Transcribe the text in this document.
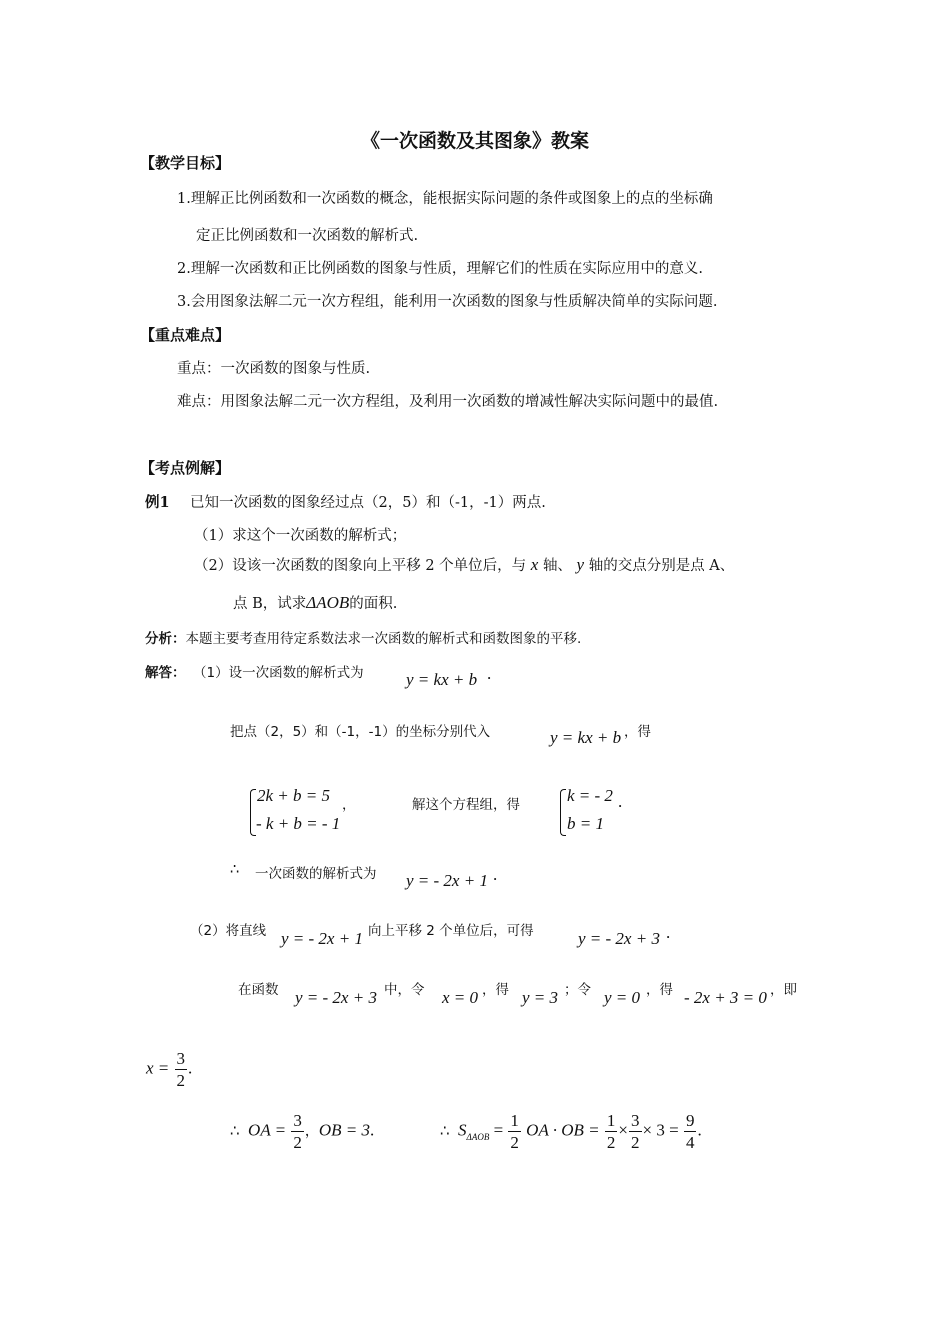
《一次函数及其图象》教案
【教学目标】
1.理解正比例函数和一次函数的概念，能根据实际问题的条件或图象上的点的坐标确
定正比例函数和一次函数的解析式.
2.理解一次函数和正比例函数的图象与性质，理解它们的性质在实际应用中的意义.
3.会用图象法解二元一次方程组，能利用一次函数的图象与性质解决简单的实际问题.
【重点难点】
重点：一次函数的图象与性质.
难点：用图象法解二元一次方程组，及利用一次函数的增减性解决实际问题中的最值.
【考点例解】
例1 已知一次函数的图象经过点（2，5）和（-1，-1）两点.
（1）求这个一次函数的解析式；
（2）设该一次函数的图象向上平移 2 个单位后，与 x 轴、 y 轴的交点分别是点 A、
点 B，试求ΔAOB的面积.
分析：本题主要考查用待定系数法求一次函数的解析式和函数图象的平移.
解答： （1）设一次函数的解析式为 y = kx + b .
把点（2，5）和（-1，-1）的坐标分别代入	y = kx + b ，得
2k + b = 5
- k + b = - 1
，	解这个方程组，得	k = - 2
b = 1
.
∴ 一次函数的解析式为 y = - 2x + 1 .
（2）将直线 y = - 2x + 1 向上平移 2 个单位后，可得	y = - 2x + 3 .
在函数 y = - 2x + 3 中，令 x = 0 ，得 y = 3 ；令 y = 0 ，得 - 2x + 3 = 0 ，即
$x = \frac{3}{2}$ .
∴ OA = $\frac{3}{2}$ ，OB = 3.	∴ $S_{\Delta AOB} = \frac{1}{2}$ OA · OB = $\frac{1}{2} \times \frac{3}{2} \times 3 = \frac{9}{4}$ .
